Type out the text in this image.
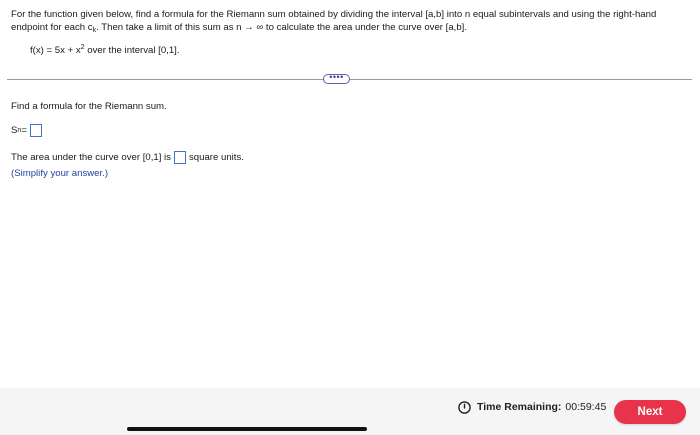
For the function given below, find a formula for the Riemann sum obtained by dividing the interval [a,b] into n equal subintervals and using the right-hand
endpoint for each $c_k$. Then take a limit of this sum as n → ∞ to calculate the area under the curve over [a,b].
$f(x) = 5x + x^2$ over the interval [0,1].
••••
Find a formula for the Riemann sum.
S n =
The area under the curve over [0,1] is square units.
(Simplify your answer.)
Time Remaining: 00:59:45	Next
